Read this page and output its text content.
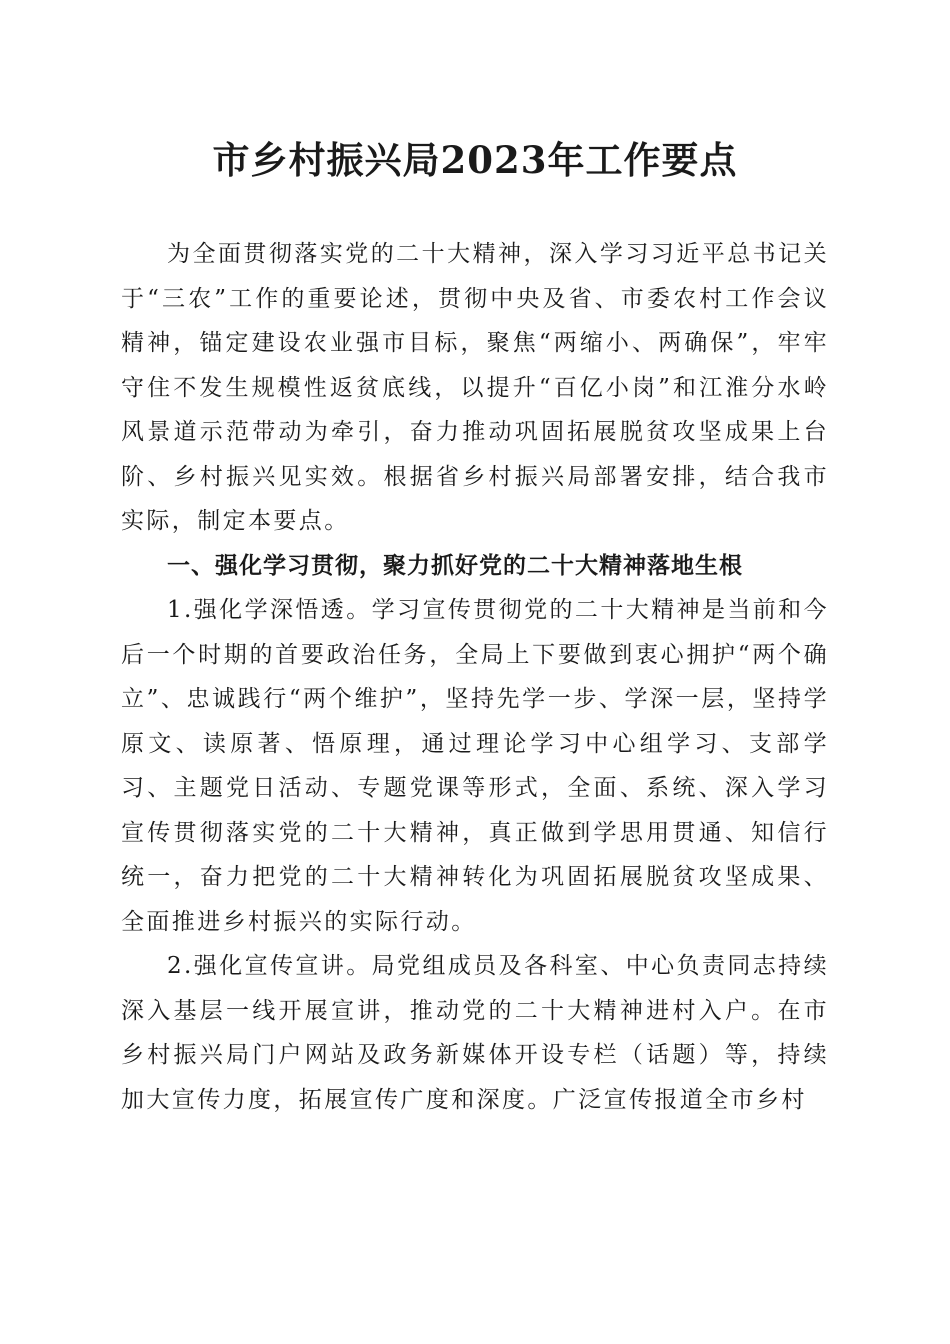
市乡村振兴局2023年工作要点

为全面贯彻落实党的二十大精神，深入学习习近平总书记关于“三农”工作的重要论述，贯彻中央及省、市委农村工作会议精神，锚定建设农业强市目标，聚焦“两缩小、两确保”，牢牢守住不发生规模性返贫底线，以提升“百亿小岗”和江淮分水岭风景道示范带动为牵引，奋力推动巩固拓展脱贫攻坚成果上台阶、乡村振兴见实效。根据省乡村振兴局部署安排，结合我市实际，制定本要点。

一、强化学习贯彻，聚力抓好党的二十大精神落地生根

1.强化学深悟透。学习宣传贯彻党的二十大精神是当前和今后一个时期的首要政治任务，全局上下要做到衷心拥护“两个确立”、忠诚践行“两个维护”，坚持先学一步、学深一层，坚持学原文、读原著、悟原理，通过理论学习中心组学习、支部学习、主题党日活动、专题党课等形式，全面、系统、深入学习宣传贯彻落实党的二十大精神，真正做到学思用贯通、知信行统一，奋力把党的二十大精神转化为巩固拓展脱贫攻坚成果、全面推进乡村振兴的实际行动。

2.强化宣传宣讲。局党组成员及各科室、中心负责同志持续深入基层一线开展宣讲，推动党的二十大精神进村入户。在市乡村振兴局门户网站及政务新媒体开设专栏（话题）等，持续加大宣传力度，拓展宣传广度和深度。广泛宣传报道全市乡村
